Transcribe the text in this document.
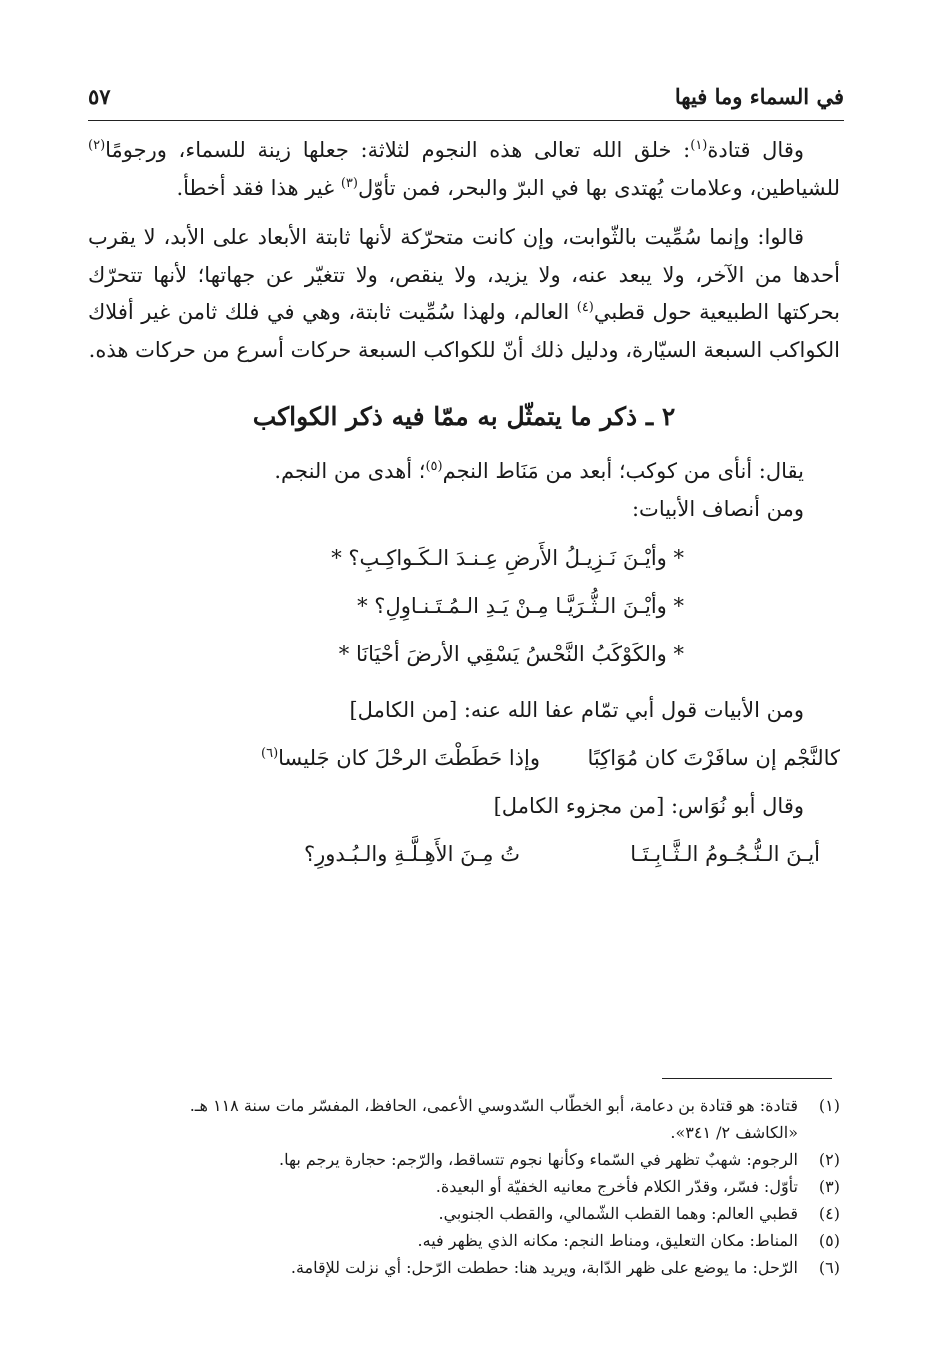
في السماء وما فيها
٥٧

وقال قتادة$^{(١)}$: خلق الله تعالى هذه النجوم لثلاثة: جعلها زينة للسماء، ورجومًا$^{(٢)}$ للشياطين، وعلامات يُهتدى بها في البرّ والبحر، فمن تأوّل$^{(٣)}$ غير هذا فقد أخطأ.

قالوا: وإنما سُمِّيت بالثّوابت، وإن كانت متحرّكة لأنها ثابتة الأبعاد على الأبد، لا يقرب أحدها من الآخر، ولا يبعد عنه، ولا يزيد، ولا ينقص، ولا تتغيّر عن جهاتها؛ لأنها تتحرّك بحركتها الطبيعية حول قطبي$^{(٤)}$ العالم، ولهذا سُمِّيت ثابتة، وهي في فلك ثامن غير أفلاك الكواكب السبعة السيّارة، ودليل ذلك أنّ للكواكب السبعة حركات أسرع من حركات هذه.

٢ ـ ذكر ما يتمثّل به ممّا فيه ذكر الكواكب

يقال: أنأى من كوكب؛ أبعد من مَنَاط النجم$^{(٥)}$؛ أهدى من النجم.

ومن أنصاف الأبيات:

* وأيْـنَ نَـزِيـلُ الأَرضِ عِـنـدَ الـكَـواكِـبِ؟ *
* وأيْـنَ الـثُّـرَيَّـا مِـنْ يَـدِ الـمُـتَـنـاوِلِ؟ *
* والكَوْكَبُ النَّحْسُ يَسْقِي الأرضَ أحْيَانَا *

ومن الأبيات قول أبي تمّام عفا الله عنه: [من الكامل]

كالنَّجْم إن سافَرْتَ كان مُوَاكِبًا
وإذا حَطَطْتَ الرحْلَ كان جَليسا$^{(٦)}$

وقال أبو نُوَاس: [من مجزوء الكامل]

أيـنَ الـنُّـجُـومُ الـثَّـابِـتَـا
تُ مِـنَ الأَهِـلَّـةِ والـبُـدورِ؟
(١)
قتادة: هو قتادة بن دعامة، أبو الخطّاب السّدوسي الأعمى، الحافظ، المفسّر مات سنة ١١٨ هـ.
«الكاشف ٢/ ٣٤١».
(٢)
الرجوم: شهبٌ تظهر في السّماء وكأنها نجوم تتساقط، والرّجم: حجارة يرجم بها.
(٣)
تأوّل: فسّر، وقدّر الكلام فأخرج معانيه الخفيّة أو البعيدة.
(٤)
قطبي العالم: وهما القطب الشّمالي، والقطب الجنوبي.
(٥)
المناط: مكان التعليق، ومناط النجم: مكانه الذي يظهر فيه.
(٦)
الرّحل: ما يوضع على ظهر الدّابة، ويريد هنا: حططت الرّحل: أي نزلت للإقامة.
